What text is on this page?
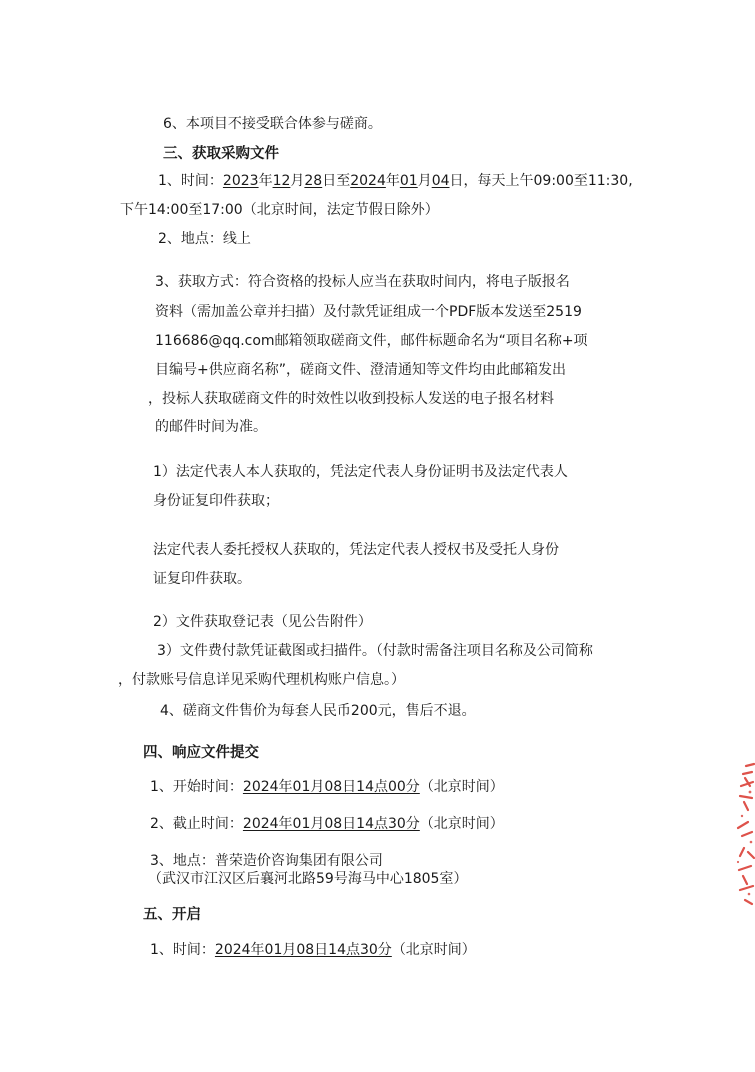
6、本项目不接受联合体参与磋商。

三、获取采购文件

1、时间：2023年12月28日至2024年01月04日，每天上午09:00至11:30,

下午14:00至17:00（北京时间，法定节假日除外）

2、地点：线上

3、获取方式：符合资格的投标人应当在获取时间内，将电子版报名

资料（需加盖公章并扫描）及付款凭证组成一个PDF版本发送至2519

116686@qq.com邮箱领取磋商文件，邮件标题命名为“项目名称+项

目编号+供应商名称”，磋商文件、澄清通知等文件均由此邮箱发出

，投标人获取磋商文件的时效性以收到投标人发送的电子报名材料

的邮件时间为准。

1）法定代表人本人获取的，凭法定代表人身份证明书及法定代表人

身份证复印件获取；

法定代表人委托授权人获取的，凭法定代表人授权书及受托人身份

证复印件获取。

2）文件获取登记表（见公告附件）

3）文件费付款凭证截图或扫描件。（付款时需备注项目名称及公司简称

，付款账号信息详见采购代理机构账户信息。）

4、磋商文件售价为每套人民币200元，售后不退。

四、响应文件提交

1、开始时间：2024年01月08日14点00分（北京时间）

2、截止时间：2024年01月08日14点30分（北京时间）

3、地点：普荣造价咨询集团有限公司

（武汉市江汉区后襄河北路59号海马中心1805室）

五、开启

1、时间：2024年01月08日14点30分（北京时间）
